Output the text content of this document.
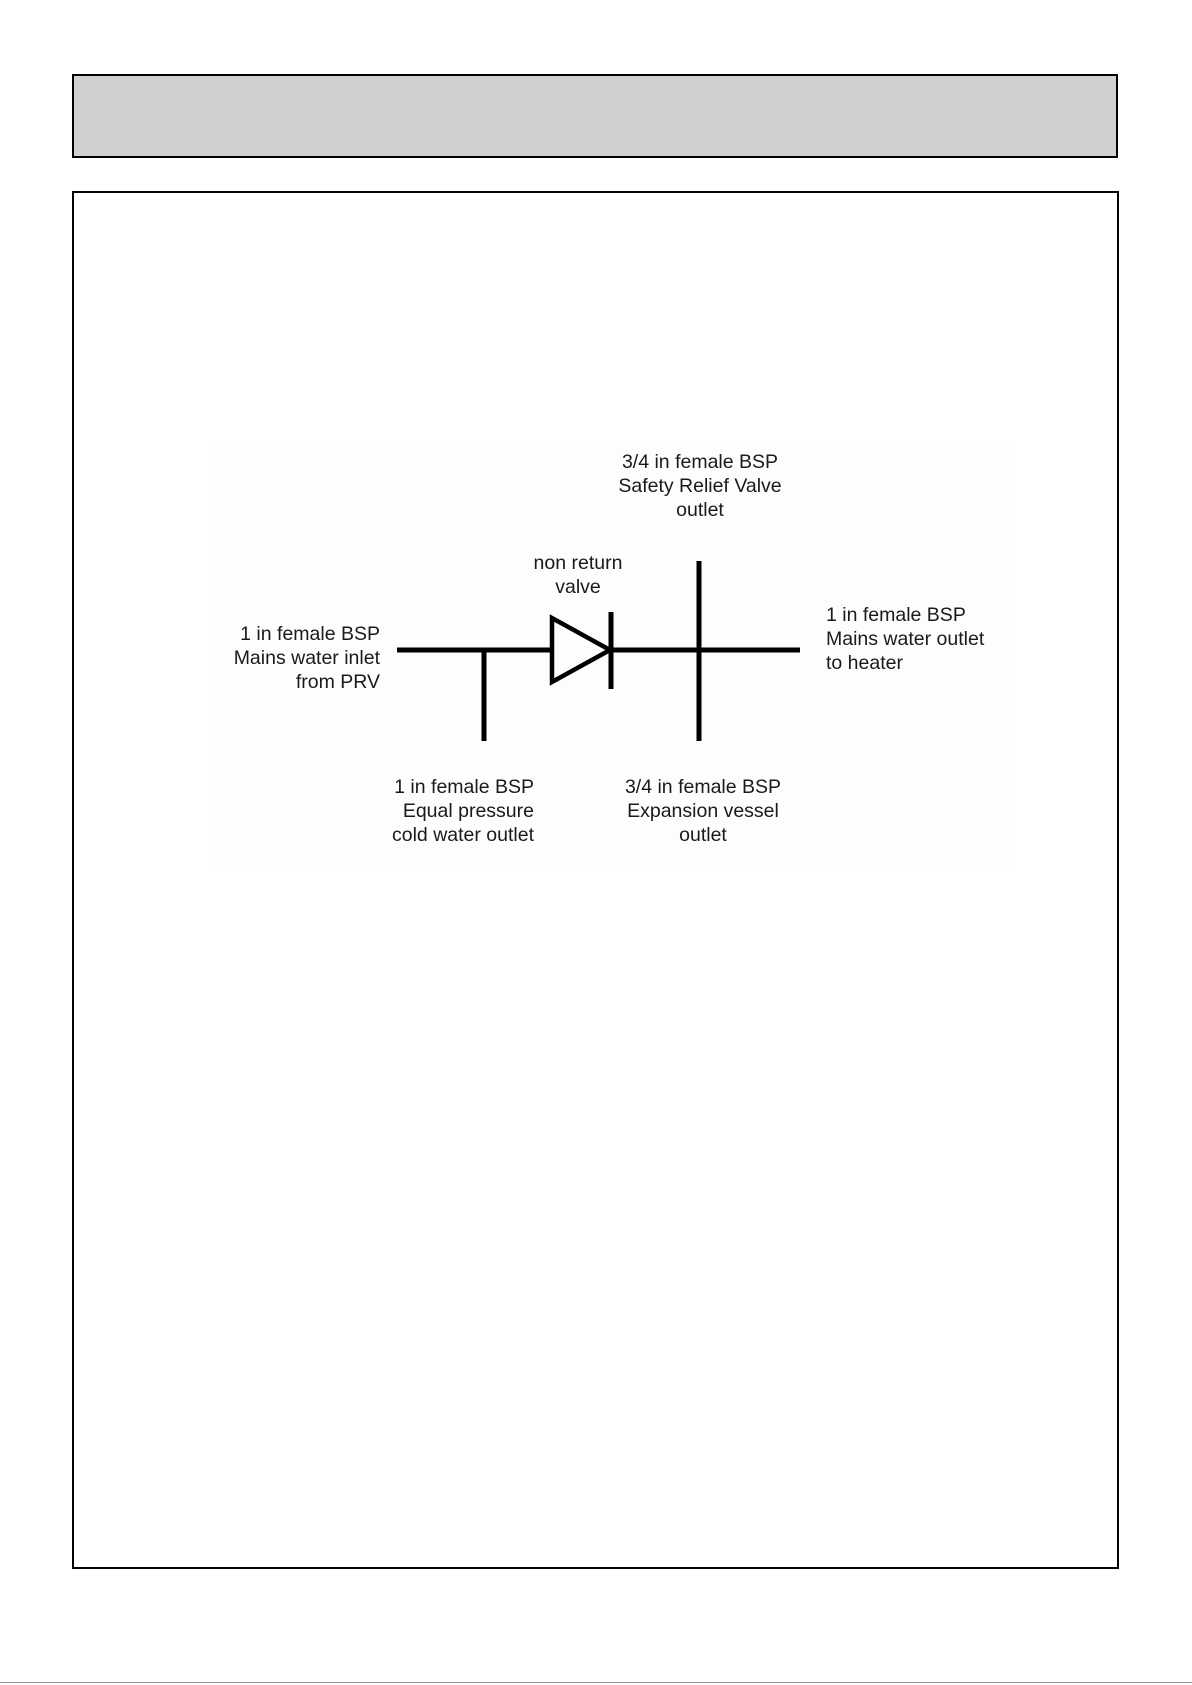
3/4 in female BSP
Safety Relief Valve
outlet
non return
valve
1 in female BSP
Mains water inlet
from PRV
1 in female BSP
Mains water outlet
to heater
1 in female BSP
Equal pressure
cold water outlet
3/4 in female BSP
Expansion vessel
outlet
